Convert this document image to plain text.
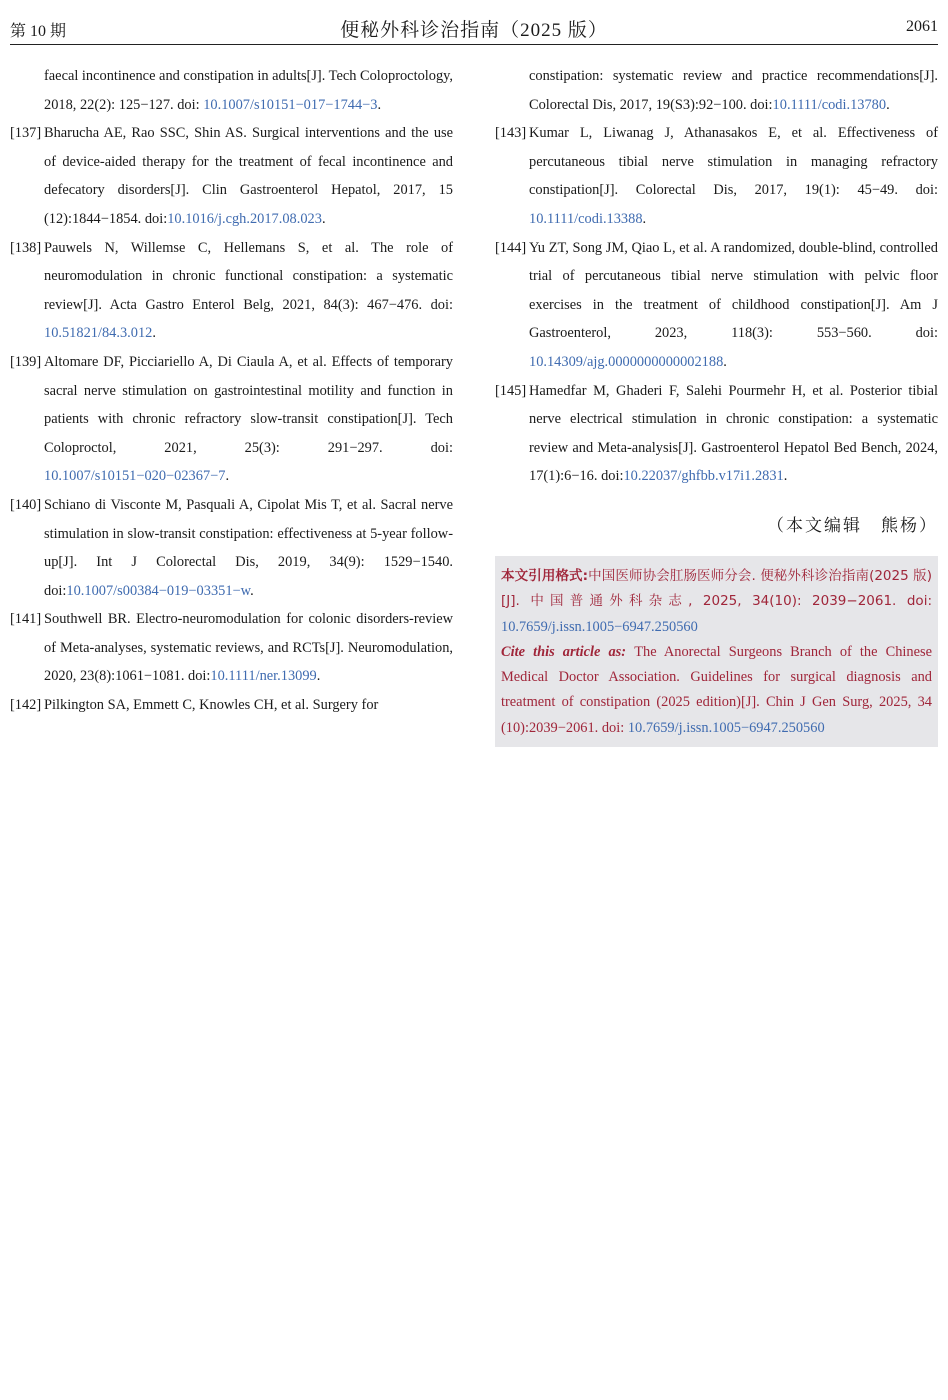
第 10 期	便秘外科诊治指南（2025 版）	2061
faecal incontinence and constipation in adults[J]. Tech Coloproctology, 2018, 22(2): 125−127. doi: 10.1007/s10151−017−1744−3.
[137] Bharucha AE, Rao SSC, Shin AS. Surgical interventions and the use of device-aided therapy for the treatment of fecal incontinence and defecatory disorders[J]. Clin Gastroenterol Hepatol, 2017, 15 (12):1844−1854. doi:10.1016/j.cgh.2017.08.023.
[138] Pauwels N, Willemse C, Hellemans S, et al. The role of neuromodulation in chronic functional constipation: a systematic review[J]. Acta Gastro Enterol Belg, 2021, 84(3): 467−476. doi: 10.51821/84.3.012.
[139] Altomare DF, Picciariello A, Di Ciaula A, et al. Effects of temporary sacral nerve stimulation on gastrointestinal motility and function in patients with chronic refractory slow-transit constipation[J]. Tech Coloproctol, 2021, 25(3): 291−297. doi: 10.1007/s10151−020−02367−7.
[140] Schiano di Visconte M, Pasquali A, Cipolat Mis T, et al. Sacral nerve stimulation in slow-transit constipation: effectiveness at 5-year follow-up[J]. Int J Colorectal Dis, 2019, 34(9): 1529−1540. doi:10.1007/s00384−019−03351−w.
[141] Southwell BR. Electro-neuromodulation for colonic disorders-review of Meta-analyses, systematic reviews, and RCTs[J]. Neuromodulation, 2020, 23(8):1061−1081. doi:10.1111/ner.13099.
[142] Pilkington SA, Emmett C, Knowles CH, et al. Surgery for
constipation: systematic review and practice recommendations[J]. Colorectal Dis, 2017, 19(S3):92−100. doi:10.1111/codi.13780.
[143] Kumar L, Liwanag J, Athanasakos E, et al. Effectiveness of percutaneous tibial nerve stimulation in managing refractory constipation[J]. Colorectal Dis, 2017, 19(1): 45−49. doi: 10.1111/codi.13388.
[144] Yu ZT, Song JM, Qiao L, et al. A randomized, double-blind, controlled trial of percutaneous tibial nerve stimulation with pelvic floor exercises in the treatment of childhood constipation[J]. Am J Gastroenterol, 2023, 118(3): 553−560. doi: 10.14309/ajg.0000000000002188.
[145] Hamedfar M, Ghaderi F, Salehi Pourmehr H, et al. Posterior tibial nerve electrical stimulation in chronic constipation: a systematic review and Meta-analysis[J]. Gastroenterol Hepatol Bed Bench, 2024, 17(1):6−16. doi:10.22037/ghfbb.v17i1.2831.
（本文编辑　熊杨）
本文引用格式:中国医师协会肛肠医师分会. 便秘外科诊治指南(2025 版)[J]. 中国普通外科杂志, 2025, 34(10): 2039−2061. doi: 10.7659/j.issn.1005−6947.250560
Cite this article as: The Anorectal Surgeons Branch of the Chinese Medical Doctor Association. Guidelines for surgical diagnosis and treatment of constipation (2025 edition)[J]. Chin J Gen Surg, 2025, 34 (10):2039−2061. doi: 10.7659/j.issn.1005−6947.250560
